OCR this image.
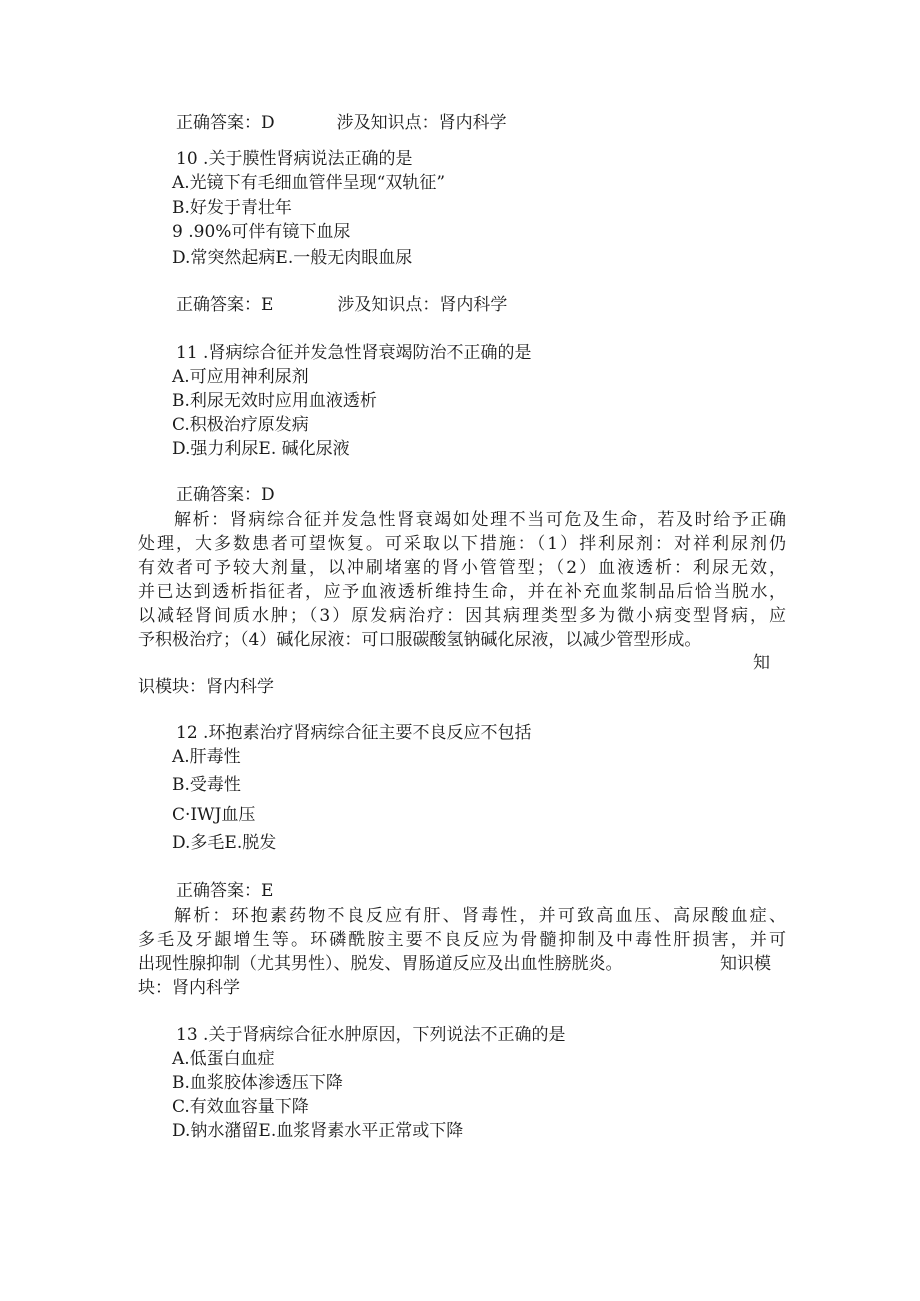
正确答案：D	涉及知识点：肾内科学
10 .关于膜性肾病说法正确的是
A.光镜下有毛细血管伴呈现“双轨征”
B.好发于青壮年
9 .90%可伴有镜下血尿
D.常突然起病E.一般无肉眼血尿
正确答案：E	涉及知识点：肾内科学
11 .肾病综合征并发急性肾衰竭防治不正确的是
A.可应用神利尿剂
B.利尿无效时应用血液透析
C.积极治疗原发病
D.强力利尿E. 碱化尿液
正确答案：D
解析：肾病综合征并发急性肾衰竭如处理不当可危及生命，若及时给予正确
处理，大多数患者可望恢复。可采取以下措施：（1）拌利尿剂：对祥利尿剂仍
有效者可予较大剂量，以冲刷堵塞的肾小管管型；（2）血液透析：利尿无效，
并已达到透析指征者，应予血液透析维持生命，并在补充血浆制品后恰当脱水，
以减轻肾间质水肿；（3）原发病治疗：因其病理类型多为微小病变型肾病，应
予积极治疗；（4）碱化尿液：可口服碳酸氢钠碱化尿液，以减少管型形成。
知
识模块：肾内科学
12 .环抱素治疗肾病综合征主要不良反应不包括
A.肝毒性
B.受毒性
C·IWJ血压
D.多毛E.脱发
正确答案：E
解析：环抱素药物不良反应有肝、肾毒性，并可致高血压、高尿酸血症、
多毛及牙龈增生等。环磷酰胺主要不良反应为骨髓抑制及中毒性肝损害，并可
出现性腺抑制（尤其男性）、脱发、胃肠道反应及出血性膀胱炎。	知识模
块：肾内科学
13 .关于肾病综合征水肿原因，下列说法不正确的是
A.低蛋白血症
B.血浆胶体渗透压下降
C.有效血容量下降
D.钠水潴留E.血浆肾素水平正常或下降
